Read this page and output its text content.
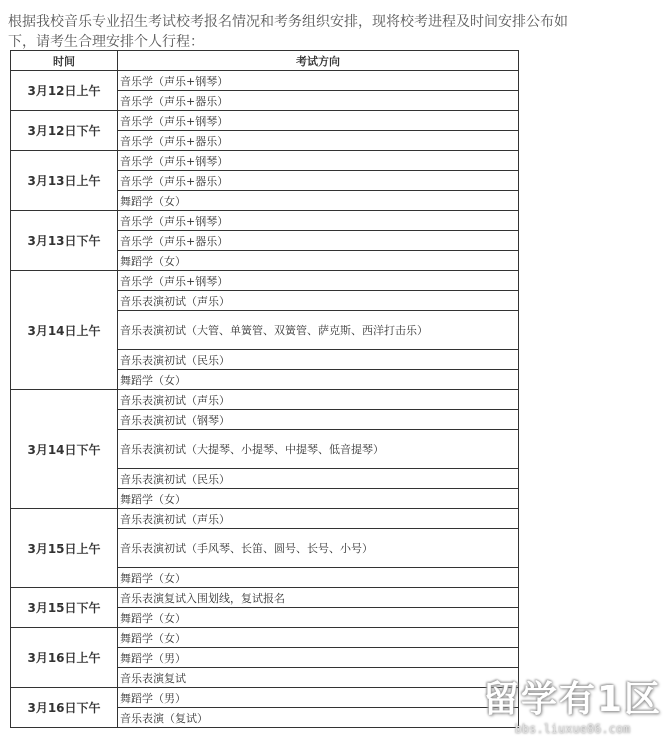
根据我校音乐专业招生考试校考报名情况和考务组织安排，现将校考进程及时间安排公布如下，请考生合理安排个人行程：
时间	考试方向
3月12日上午	音乐学（声乐+钢琴）
	音乐学（声乐+器乐）
3月12日下午	音乐学（声乐+钢琴）
	音乐学（声乐+器乐）
3月13日上午	音乐学（声乐+钢琴）
	音乐学（声乐+器乐）
	舞蹈学（女）
3月13日下午	音乐学（声乐+钢琴）
	音乐学（声乐+器乐）
	舞蹈学（女）
3月14日上午	音乐学（声乐+钢琴）
	音乐表演初试（声乐）
	音乐表演初试（大管、单簧管、双簧管、萨克斯、西洋打击乐）
	音乐表演初试（民乐）
	舞蹈学（女）
3月14日下午	音乐表演初试（声乐）
	音乐表演初试（钢琴）
	音乐表演初试（大提琴、小提琴、中提琴、低音提琴）
	音乐表演初试（民乐）
	舞蹈学（女）
3月15日上午	音乐表演初试（声乐）
	音乐表演初试（手风琴、长笛、圆号、长号、小号）
	舞蹈学（女）
3月15日下午	音乐表演复试入围划线，复试报名
	舞蹈学（女）
3月16日上午	舞蹈学（女）
	舞蹈学（男）
	音乐表演复试
3月16日下午	舞蹈学（男）
	音乐表演（复试）	留学有1区
bbs.liuxue86.com
